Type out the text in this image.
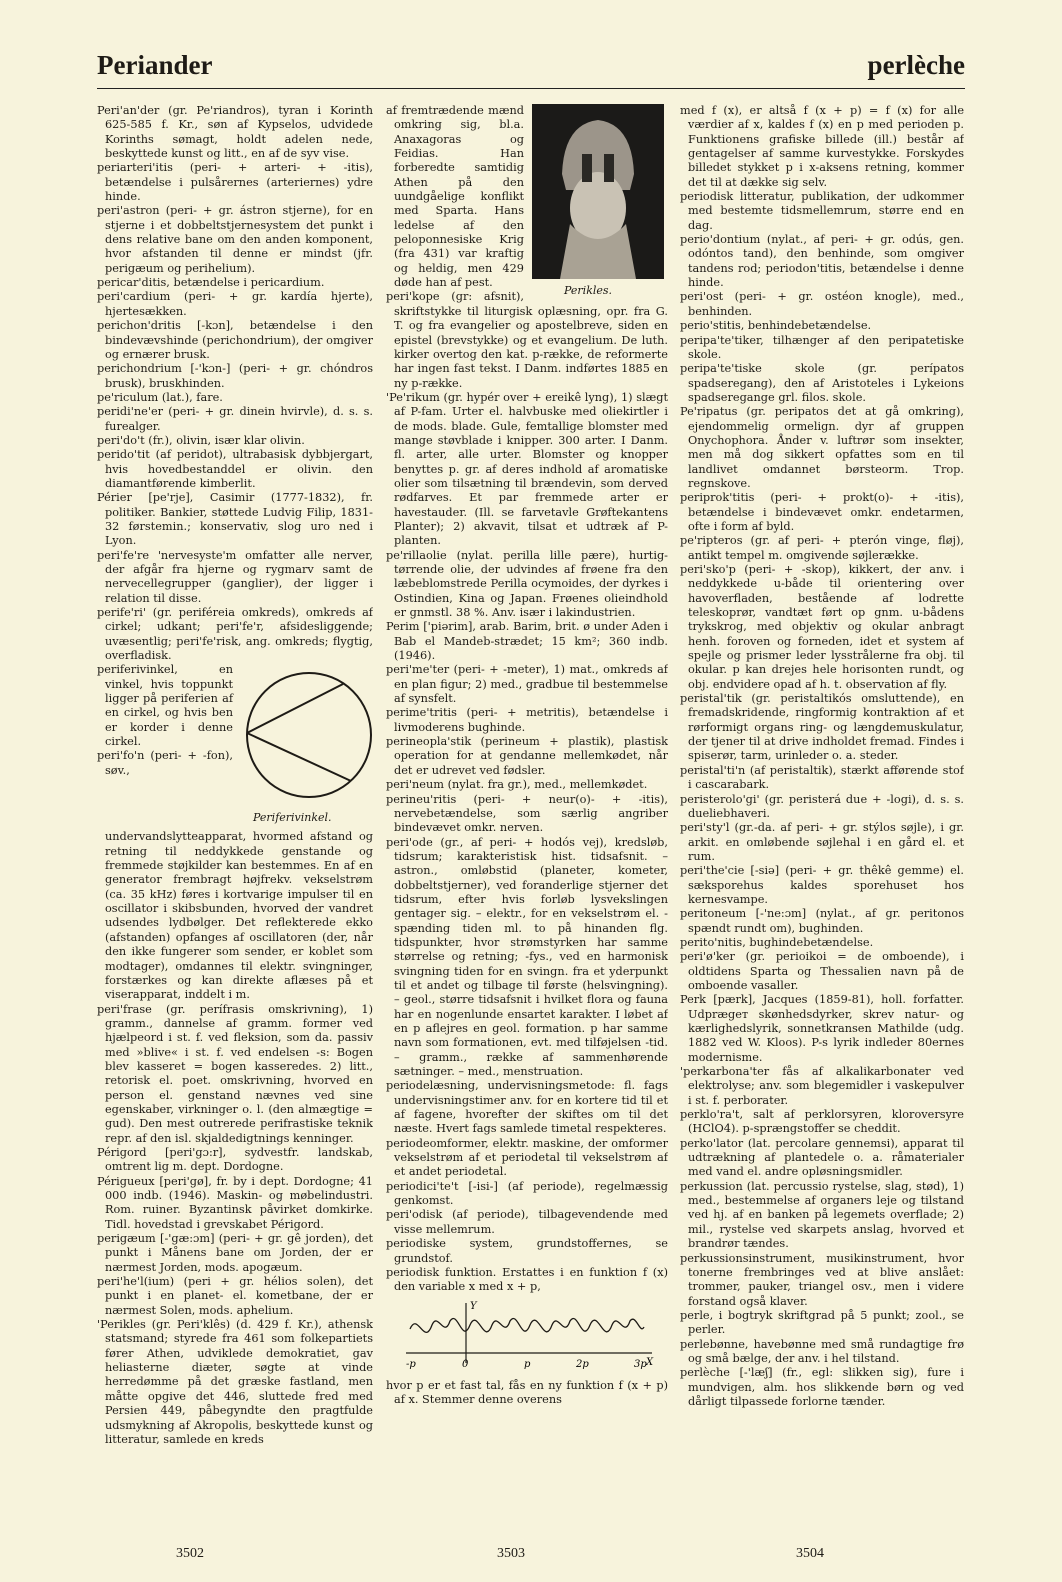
Periander	perlèche

Peri'an'der (gr. Pe'riandros), tyran i Korinth 625-585 f. Kr., søn af Kypselos, udvidede Korinths sømagt, holdt adelen nede, beskyttede kunst og litt., en af de syv vise.

periarteri'itis (peri- + arteri- + -itis), betændelse i pulsårernes (arteriernes) ydre hinde.

peri'astron (peri- + gr. ástron stjerne), for en stjerne i et dobbeltstjernesystem det punkt i dens relative bane om den anden komponent, hvor afstanden til denne er mindst (jfr. perigæum og perihelium).

pericar'ditis, betændelse i pericardium.

peri'cardium (peri- + gr. kardía hjerte), hjertesækken.

perichon'dritis [-kɔn], betændelse i den bindevævshinde (perichondrium), der omgiver og ernærer brusk.

perichondrium [-'kɔn-] (peri- + gr. chóndros brusk), bruskhinden.

pe'riculum (lat.), fare.

peridi'ne'er (peri- + gr. dinein hvirvle), d. s. s. furealger.

peri'do't (fr.), olivin, især klar olivin.

perido'tit (af peridot), ultrabasisk dybbjergart, hvis hovedbestanddel er olivin. den diamantførende kimberlit.

Périer [pe'rje], Casimir (1777-1832), fr. politiker. Bankier, støttede Ludvig Filip, 1831-32 førstemin.; konservativ, slog uro ned i Lyon.

peri'fe're 'nervesyste'm omfatter alle nerver, der afgår fra hjerne og rygmarv samt de nervecellegrupper (ganglier), der ligger i relation til disse.

perife'ri' (gr. periféreia omkreds), omkreds af cirkel; udkant; peri'fe'r, afsidesliggende; uvæsentlig; peri'fe'risk, ang. omkreds; flygtig, overfladisk.

Periferivinkel.

periferivinkel, en vinkel, hvis toppunkt ligger på periferien af en cirkel, og hvis ben er korder i denne cirkel.

peri'fo'n (peri- + -fon), søv., undervandslytteapparat, hvormed afstand og retning til neddykkede genstande og fremmede støjkilder kan bestemmes. En af en generator frembragt højfrekv. vekselstrøm (ca. 35 kHz) føres i kortvarige impulser til en oscillator i skibsbunden, hvorved der vandret udsendes lydbølger. Det reflekterede ekko (afstanden) opfanges af oscillatoren (der, når den ikke fungerer som sender, er koblet som modtager), omdannes til elektr. svingninger, forstærkes og kan direkte aflæses på et viserapparat, inddelt i m.

peri'frase (gr. perífrasis omskrivning), 1) gramm., dannelse af gramm. former ved hjælpeord i st. f. ved fleksion, som da. passiv med »blive« i st. f. ved endelsen -s: Bogen blev kasseret = bogen kasseredes. 2) litt., retorisk el. poet. omskrivning, hvorved en person el. genstand nævnes ved sine egenskaber, virkninger o. l. (den almægtige = gud). Den mest outrerede perifrastiske teknik repr. af den isl. skjaldedigtnings kenninger.

Périgord [peri'gɔ:r], sydvestfr. landskab, omtrent lig m. dept. Dordogne.

Périgueux [peri'gø], fr. by i dept. Dordogne; 41 000 indb. (1946). Maskin- og møbelindustri. Rom. ruiner. Byzantinsk påvirket domkirke. Tidl. hovedstad i grevskabet Périgord.

perigæum [-'gæ:ɔm] (peri- + gr. gê jorden), det punkt i Månens bane om Jorden, der er nærmest Jorden, mods. apogæum.

peri'he'l(ium) (peri + gr. hélios solen), det punkt i en planet- el. kometbane, der er nærmest Solen, mods. aphelium.

'Perikles (gr. Peri'klês) (d. 429 f. Kr.), athensk statsmand; styrede fra 461 som folkepartiets fører Athen, udviklede demokratiet, gav heliasterne diæter, søgte at vinde herredømme på det græske fastland, men måtte opgive det 446, sluttede fred med Persien 449, påbegyndte den pragtfulde udsmykning af Akropolis, beskyttede kunst og litteratur, samlede en kreds

Perikles.

af fremtrædende mænd omkring sig, bl.a. Anaxagoras og Feidias. Han forberedte samtidig Athen på den uundgåelige konflikt med Sparta. Hans ledelse af den peloponnesiske Krig (fra 431) var kraftig og heldig, men 429 døde han af pest.

peri'kope (gr: afsnit), skriftstykke til liturgisk oplæsning, opr. fra G. T. og fra evangelier og apostelbreve, siden en epistel (brevstykke) og et evangelium. De luth. kirker overtog den kat. p-række, de reformerte har ingen fast tekst. I Danm. indførtes 1885 en ny p-række.

'Pe'rikum (gr. hypér over + ereikê lyng), 1) slægt af P-fam. Urter el. halvbuske med oliekirtler i de mods. blade. Gule, femtallige blomster med mange støvblade i knipper. 300 arter. I Danm. fl. arter, alle urter. Blomster og knopper benyttes p. gr. af deres indhold af aromatiske olier som tilsætning til brændevin, som derved rødfarves. Et par fremmede arter er havestauder. (Ill. se farvetavle Grøftekantens Planter); 2) akvavit, tilsat et udtræk af P-planten.

pe'rillaolie (nylat. perilla lille pære), hurtig-tørrende olie, der udvindes af frøene fra den læbeblomstrede Perilla ocymoides, der dyrkes i Ostindien, Kina og Japan. Frøenes olieindhold er gnmstl. 38 %. Anv. især i lakindustrien.

Perim ['piərim], arab. Barim, brit. ø under Aden i Bab el Mandeb-strædet; 15 km²; 360 indb. (1946).

peri'me'ter (peri- + -meter), 1) mat., omkreds af en plan figur; 2) med., gradbue til bestemmelse af synsfelt.

perime'tritis (peri- + metritis), betændelse i livmoderens bughinde.

perineopla'stik (perineum + plastik), plastisk operation for at gendanne mellemkødet, når det er udrevet ved fødsler.

peri'neum (nylat. fra gr.), med., mellemkødet.

perineu'ritis (peri- + neur(o)- + -itis), nervebetændelse, som særlig angriber bindevævet omkr. nerven.

peri'ode (gr., af peri- + hodós vej), kredsløb, tidsrum; karakteristisk hist. tidsafsnit. – astron., omløbstid (planeter, kometer, dobbeltstjerner), ved foranderlige stjerner det tidsrum, efter hvis forløb lysvekslingen gentager sig. – elektr., for en vekselstrøm el. -spænding tiden ml. to på hinanden flg. tidspunkter, hvor strømstyrken har samme størrelse og retning; -fys., ved en harmonisk svingning tiden for en svingn. fra et yderpunkt til et andet og tilbage til første (helsvingning). – geol., større tidsafsnit i hvilket flora og fauna har en nogenlunde ensartet karakter. I løbet af en p aflejres en geol. formation. p har samme navn som formationen, evt. med tilføjelsen -tid. – gramm., række af sammenhørende sætninger. – med., menstruation.

periodelæsning, undervisningsmetode: fl. fags undervisningstimer anv. for en kortere tid til et af fagene, hvorefter der skiftes om til det næste. Hvert fags samlede timetal respekteres.

periodeomformer, elektr. maskine, der omformer vekselstrøm af et periodetal til vekselstrøm af et andet periodetal.

periodici'te't [-isi-] (af periode), regelmæssig genkomst.

peri'odisk (af periode), tilbagevendende med visse mellemrum.

periodiske system, grundstoffernes, se grundstof.

periodisk funktion. Erstattes i en funktion f (x) den variable x med x + p,

Y
X
-p	0	p	2p	3p

hvor p er et fast tal, fås en ny funktion f (x + p) af x. Stemmer denne overens

med f (x), er altså f (x + p) = f (x) for alle værdier af x, kaldes f (x) en p med perioden p. Funktionens grafiske billede (ill.) består af gentagelser af samme kurvestykke. Forskydes billedet stykket p i x-aksens retning, kommer det til at dække sig selv.

periodisk litteratur, publikation, der udkommer med bestemte tidsmellemrum, større end en dag.

perio'dontium (nylat., af peri- + gr. odús, gen. odóntos tand), den benhinde, som omgiver tandens rod; periodon'titis, betændelse i denne hinde.

peri'ost (peri- + gr. ostéon knogle), med., benhinden.

perio'stitis, benhindebetændelse.

peripa'te'tiker, tilhænger af den peripatetiske skole.

peripa'te'tiske skole (gr. perípatos spadseregang), den af Aristoteles i Lykeions spadseregange grl. filos. skole.

Pe'ripatus (gr. peripatos det at gå omkring), ejendommelig ormelign. dyr af gruppen Onychophora. Ånder v. luftrør som insekter, men må dog sikkert opfattes som en til landlivet omdannet børsteorm. Trop. regnskove.

periprok'titis (peri- + prokt(o)- + -itis), betændelse i bindevævet omkr. endetarmen, ofte i form af byld.

pe'ripteros (gr. af peri- + pterón vinge, fløj), antikt tempel m. omgivende søjlerække.

peri'sko'p (peri- + -skop), kikkert, der anv. i neddykkede u-både til orientering over havoverfladen, bestående af lodrette teleskoprør, vandtæt ført op gnm. u-bådens trykskrog, med objektiv og okular anbragt henh. foroven og forneden, idet et system af spejle og prismer leder lysstrålerne fra obj. til okular. p kan drejes hele horisonten rundt, og obj. endvidere opad af h. t. observation af fly.

peristal'tik (gr. peristaltikós omsluttende), en fremadskridende, ringformig kontraktion af et rørformigt organs ring- og længdemuskulatur, der tjener til at drive indholdet fremad. Findes i spiserør, tarm, urinleder o. a. steder.

peristal'ti'n (af peristaltik), stærkt afførende stof i cascarabark.

peristerolo'gi' (gr. peristerá due + -logi), d. s. s. dueliebhaveri.

peri'sty'l (gr.-da. af peri- + gr. stýlos søjle), i gr. arkit. en omløbende søjlehal i en gård el. et rum.

peri'the'cie [-siə] (peri- + gr. thêkê gemme) el. sæksporehus kaldes sporehuset hos kernesvampe.

peritoneum [-'ne:ɔm] (nylat., af gr. peritonos spændt rundt om), bughinden.

perito'nitis, bughindebetændelse.

peri'ø'ker (gr. perioikoi = de omboende), i oldtidens Sparta og Thessalien navn på de omboende vasaller.

Perk [pærk], Jacques (1859-81), holl. forfatter. Udprægет skønhedsdyrker, skrev natur- og kærlighedslyrik, sonnetkransen Mathilde (udg. 1882 ved W. Kloos). P-s lyrik indleder 80ernes modernisme.

'perkarbona'ter fås af alkalikarbonater ved elektrolyse; anv. som blegemidler i vaskepulver i st. f. perborater.

perklo'ra't, salt af perklorsyren, kloroversyre (HClO4). p-sprængstoffer se cheddit.

perko'lator (lat. percolare gennemsi), apparat til udtrækning af plantedele o. a. råmaterialer med vand el. andre opløsningsmidler.

perkussion (lat. percussio rystelse, slag, stød), 1) med., bestemmelse af organers leje og tilstand ved hj. af en banken på legemets overflade; 2) mil., rystelse ved skarpets anslag, hvorved et brandrør tændes.

perkussionsinstrument, musikinstrument, hvor tonerne frembringes ved at blive anslået: trommer, pauker, triangel osv., men i videre forstand også klaver.

perle, i bogtryk skriftgrad på 5 punkt; zool., se perler.

perlebønne, havebønne med små rundagtige frø og små bælge, der anv. i hel tilstand.

perlèche [-'læʃ] (fr., egl: slikken sig), fure i mundvigen, alm. hos slikkende børn og ved dårligt tilpassede forlorne tænder.

3502	3503	3504
